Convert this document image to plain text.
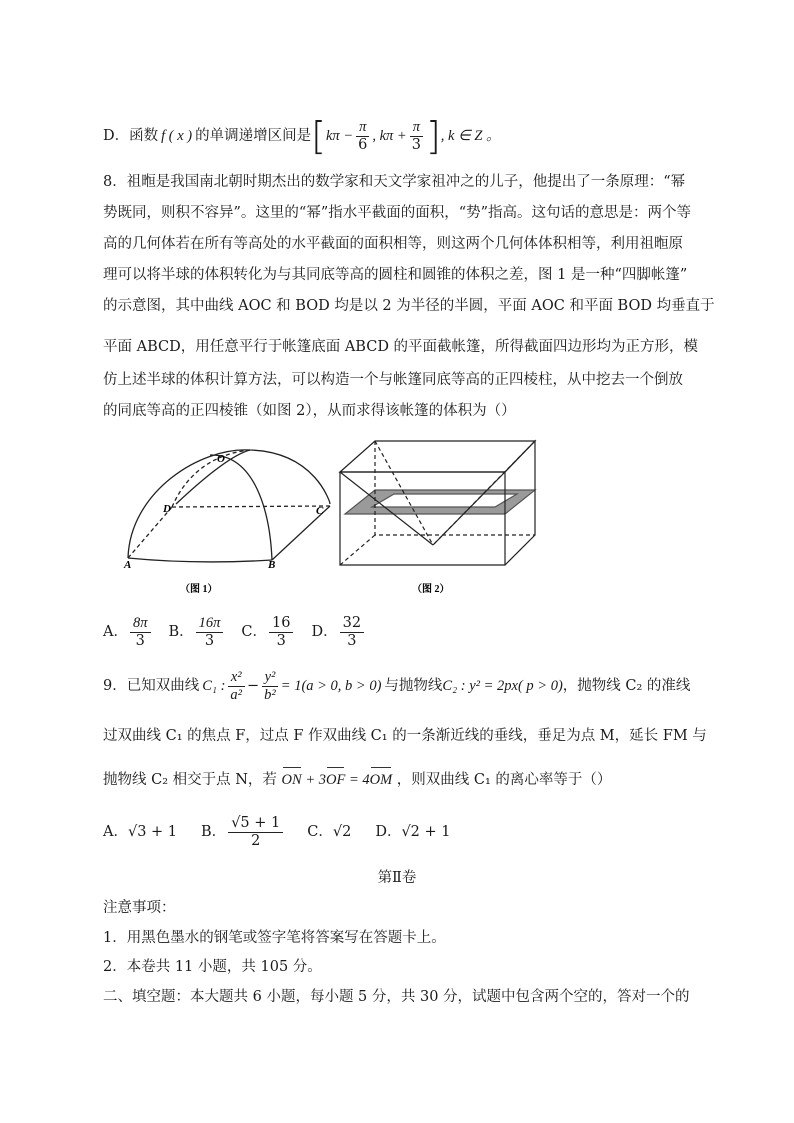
D．函数 f ( x ) 的单调递增区间是 [ $k\pi - \frac{\pi}{6}$ , $k\pi + \frac{\pi}{3}$ ] , k ∈ Z 。
8．祖暅是我国南北朝时期杰出的数学家和天文学家祖冲之的儿子，他提出了一条原理：“幂
势既同，则积不容异”。这里的“幂”指水平截面的面积，“势”指高。这句话的意思是：两个等
高的几何体若在所有等高处的水平截面的面积相等，则这两个几何体体积相等，利用祖暅原
理可以将半球的体积转化为与其同底等高的圆柱和圆锥的体积之差，图 1 是一种“四脚帐篷”
的示意图，其中曲线 AOC 和 BOD 均是以 2 为半径的半圆，平面 AOC 和平面 BOD 均垂直于
平面 ABCD，用任意平行于帐篷底面 ABCD 的平面截帐篷，所得截面四边形均为正方形，模
仿上述半球的体积计算方法，可以构造一个与帐篷同底等高的正四棱柱，从中挖去一个倒放
的同底等高的正四棱锥（如图 2），从而求得该帐篷的体积为（）
O
D	C
A	B
（图 1）	（图 2）
A． $\frac{8\pi}{3}$ B． $\frac{16\pi}{3}$ C． $\frac{16}{3}$ D． $\frac{32}{3}$
9．已知双曲线 C₁ : $\frac{\text{x²}}{\text{a²}} - \frac{\text{y²}}{\text{b²}} = 1(a > 0$, b > 0) 与抛物线 C₂ : y² = 2px( p > 0) ，抛物线 C₂ 的准线
过双曲线 C₁ 的焦点 F，过点 F 作双曲线 C₁ 的一条渐近线的垂线，垂足为点 M，延长 FM 与
抛物线 C₂ 相交于点 N，若 ON + 3OF = 4OM ，则双曲线 C₁ 的离心率等于（）
A．√3 + 1 B． $\frac{√5 + 1}{2}$ C．√2 D．√2 + 1
第Ⅱ卷
注意事项：
1．用黑色墨水的钢笔或签字笔将答案写在答题卡上。
2．本卷共 11 小题，共 105 分。
二、填空题：本大题共 6 小题，每小题 5 分，共 30 分，试题中包含两个空的，答对一个的
